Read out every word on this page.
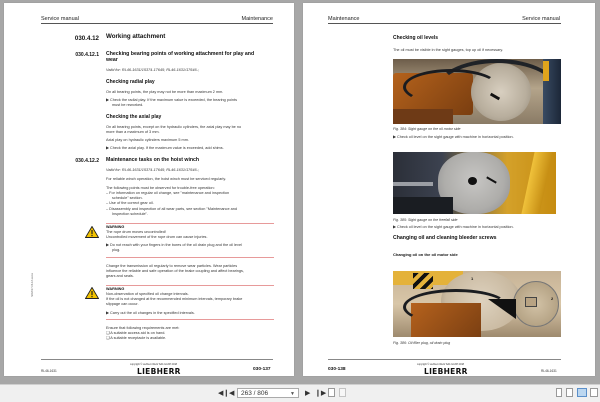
Service manual	Maintenance
030.4.12 Working attachment
030.4.12.1 Checking bearing points of working attachment for play and
wear
Valid for: RL46-1631/15374-17645; RL46-1631/17646-;
Checking radial play
On all bearing points, the play may not be more than maximum 2 mm.
▶ Check the radial play. If the maximum value is exceeded, the bearing points
must be reworked.
Checking the axial play
On all bearing points, except on the hydraulic cylinders, the axial play may be no
more than a maximum of 3 mm.
Axial play on hydraulic cylinders maximum 5 mm.
▶ Check the axial play. If the maximum value is exceeded, add shims.
030.4.12.2 Maintenance tasks on the hoist winch
Valid for: RL46-1631/15374-17645; RL46-1631/17646-;
For reliable winch operation, the hoist winch must be serviced regularly.
The following points must be observed for trouble-free operation:
– For information on regular oil change, see "maintenance and inspection
schedule" section.
– Use of the correct gear oil.
– Disassembly and inspection of all wear parts, see section "Maintenance and
Inspection schedule".
WARNING
The rope drum moves uncontrolled!
Uncontrolled movement of the rope drum can cause injuries.
▶ Do not reach with your fingers in the bores of the oil drain plug and the oil level
plug.
Change the transmission oil regularly to remove wear particles. Wear particles
influence the reliable and safe operation of the brake coupling and affect bearings,
gears and seals.
WARNING
Non-observation of specified oil change intervals.
If the oil is not changed at the recommended minimum intervals, temporary brake
slippage can occur.
▶ Carry out the oil changes in the specified intervals.
Ensure that following requirements are met:
❏ A suitable access aid is on hand.
❏ A suitable receptacle is available.
MD2017-03-13-xxxxx
RL46-1631
copyright © Liebherr-Werk Telfs GmbH 2018
LIEBHERR	030-137
Maintenance	Service manual
Checking oil levels
The oil must be visible in the sight gauges, top up oil if necessary.
Fig. 384: Sight gauge on the oil motor side
▶ Check oil level on the sight gauge with machine in horizontal position.
Fig. 385: Sight gauge on the freefall side
▶ Check oil level on the sight gauge with machine in horizontal position.
Changing oil and cleaning bleeder screws
Changing oil on the oil motor side
1
2
Fig. 386: Oil filler plug, oil drain plug
030-138
copyright © Liebherr-Werk Telfs GmbH 2018
LIEBHERR	RL46-1631
◀❙ ◀	263 / 806	▼ ▶ ❙▶
